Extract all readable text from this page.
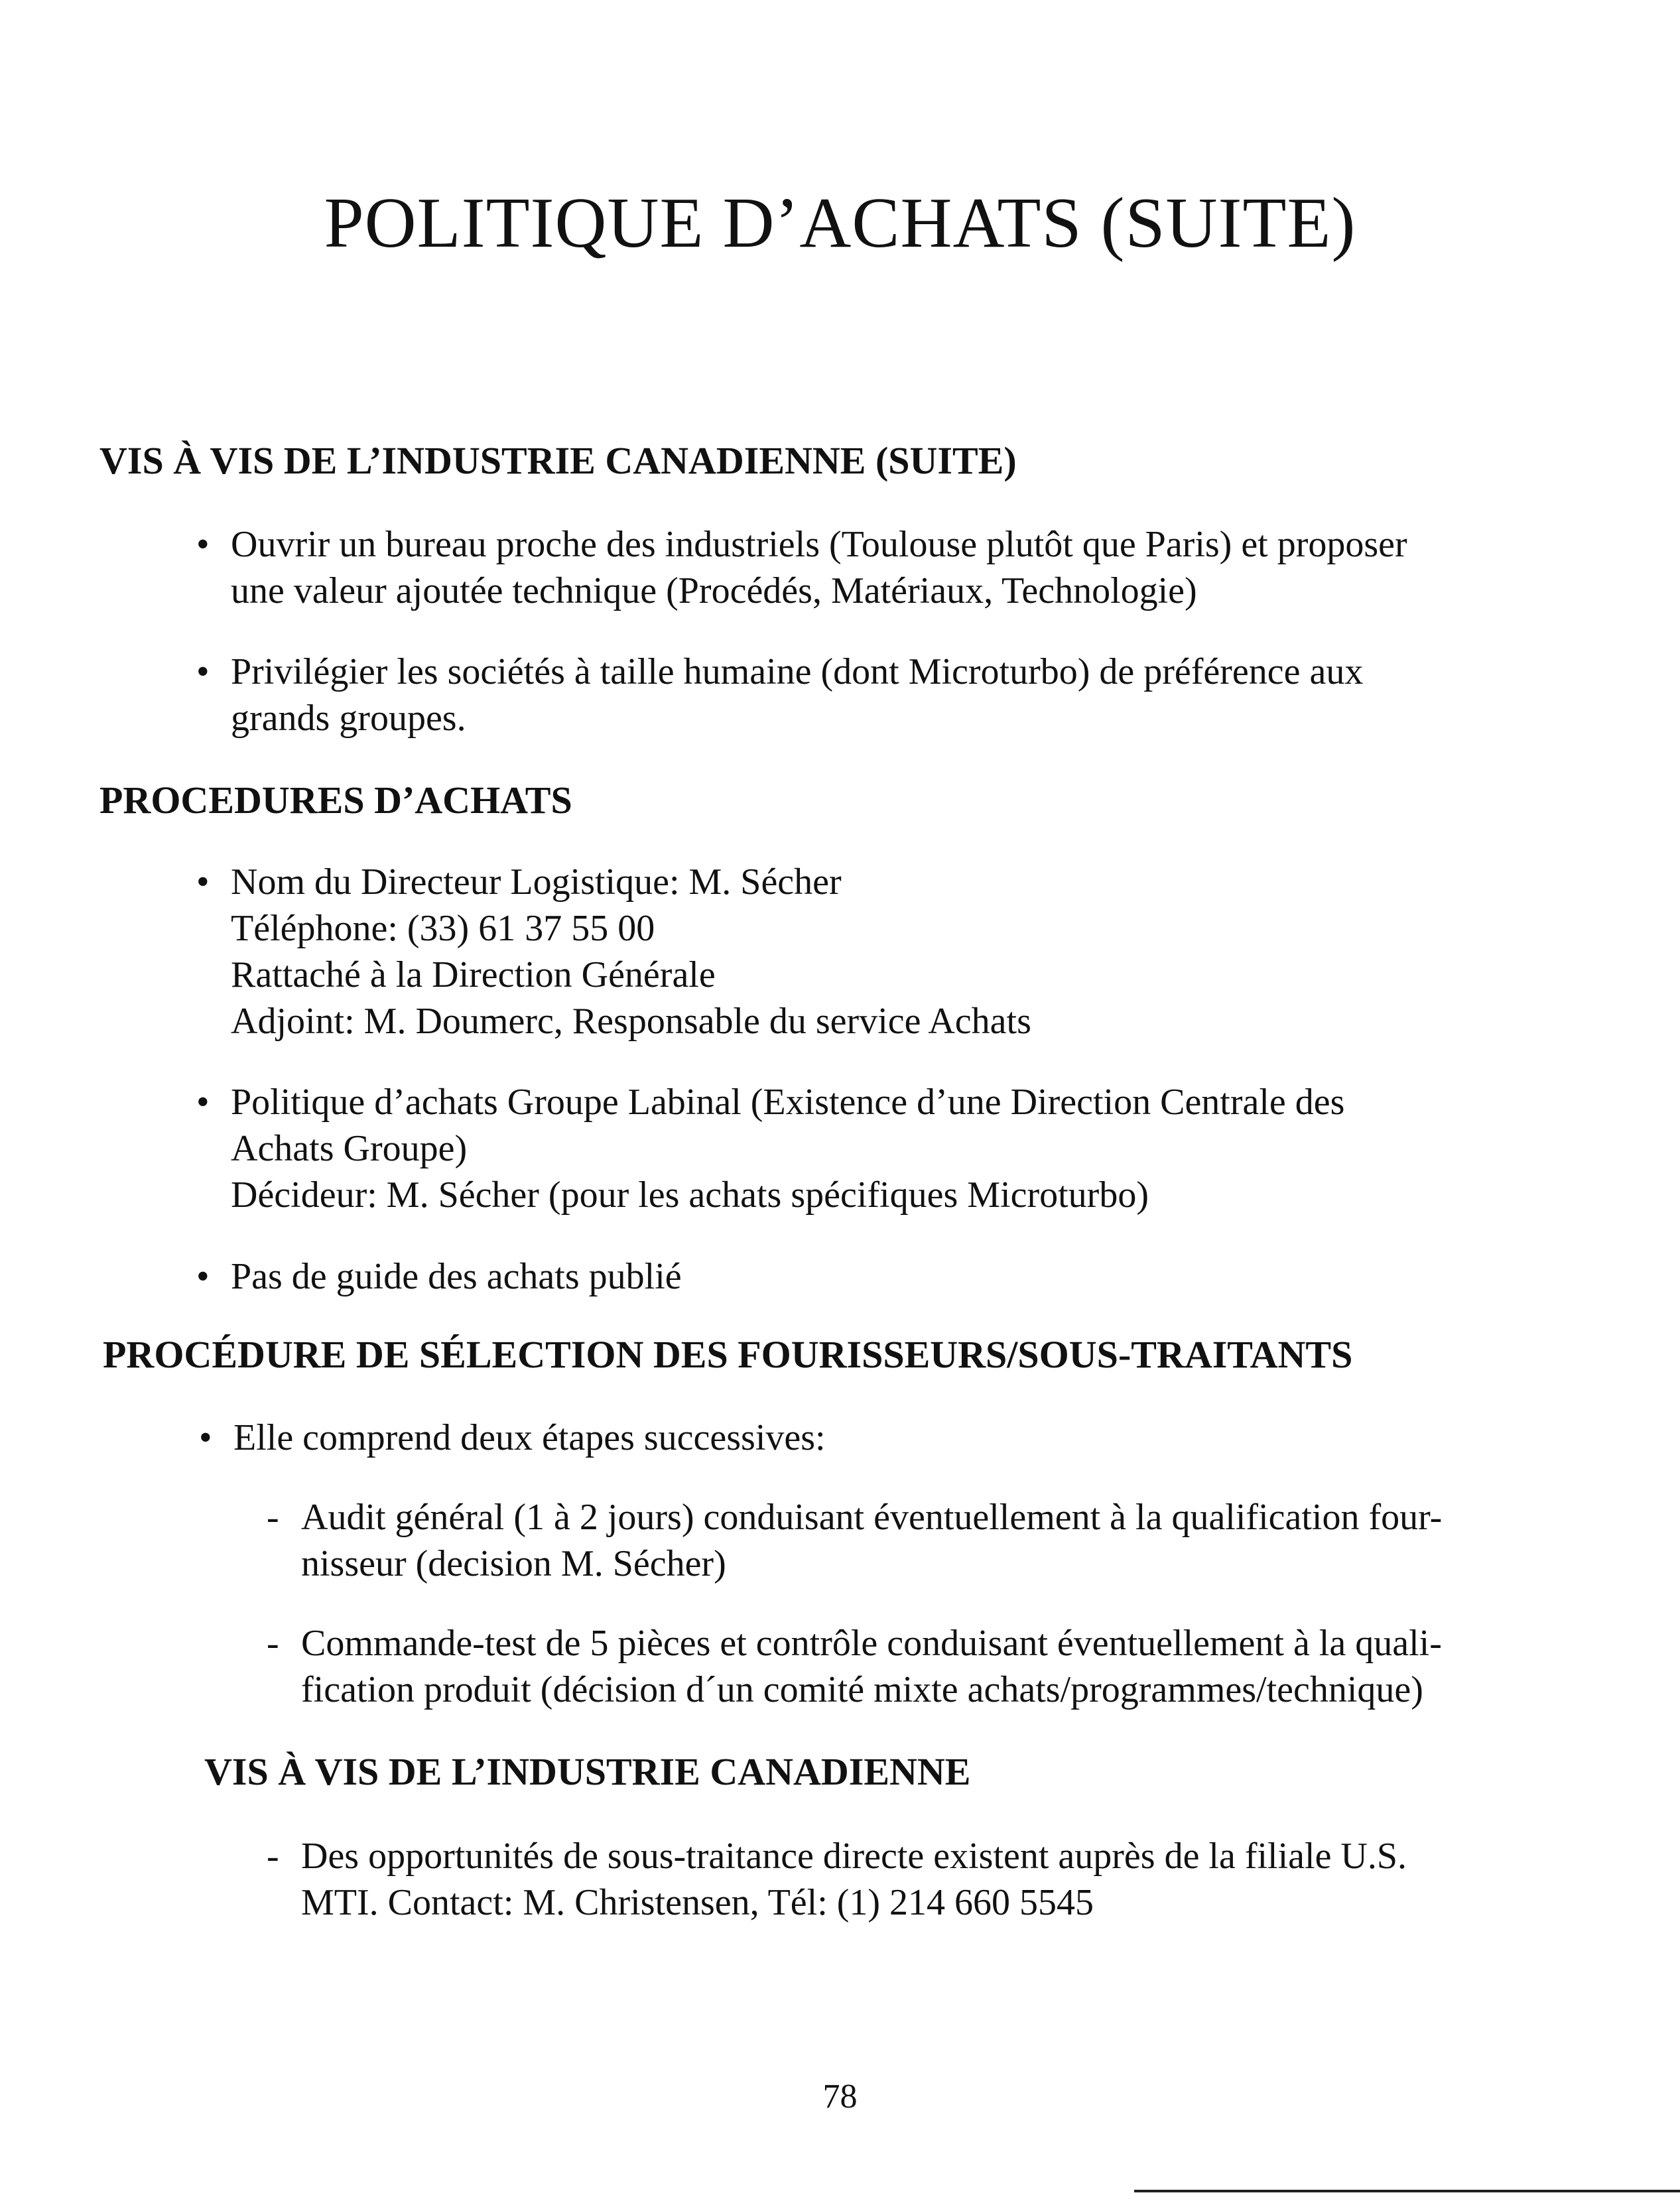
POLITIQUE D’ACHATS (SUITE)
VIS À VIS DE L’INDUSTRIE CANADIENNE (SUITE)
• Ouvrir un bureau proche des industriels (Toulouse plutôt que Paris) et proposer

une valeur ajoutée technique (Procédés, Matériaux, Technologie)

• Privilégier les sociétés à taille humaine (dont Microturbo) de préférence aux

grands groupes.

PROCEDURES D’ACHATS
• Nom du Directeur Logistique: M. Sécher

Téléphone: (33) 61 37 55 00

Rattaché à la Direction Générale

Adjoint: M. Doumerc, Responsable du service Achats

• Politique d’achats Groupe Labinal (Existence d’une Direction Centrale des

Achats Groupe)

Décideur: M. Sécher (pour les achats spécifiques Microturbo)

• Pas de guide des achats publié

PROCÉDURE DE SÉLECTION DES FOURISSEURS/SOUS-TRAITANTS
• Elle comprend deux étapes successives:

- Audit général (1 à 2 jours) conduisant éventuellement à la qualification four-

nisseur (decision M. Sécher)

- Commande-test de 5 pièces et contrôle conduisant éventuellement à la quali-

fication produit (décision d´un comité mixte achats/programmes/technique)

VIS À VIS DE L’INDUSTRIE CANADIENNE
- Des opportunités de sous-traitance directe existent auprès de la filiale U.S.

MTI. Contact: M. Christensen, Tél: (1) 214 660 5545

78
